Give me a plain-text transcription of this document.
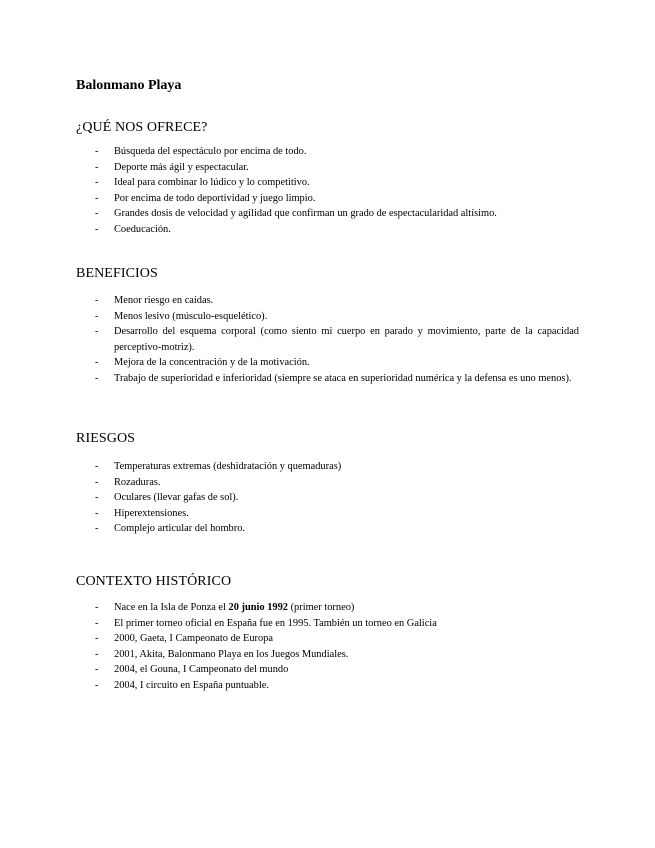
Balonmano Playa
¿QUÉ NOS OFRECE?
- Búsqueda del espectáculo por encima de todo.
- Deporte más ágil y espectacular.
- Ideal para combinar lo lúdico y lo competitivo.
- Por encima de todo deportividad y juego limpio.
- Grandes dosis de velocidad y agilidad que confirman un grado de espectacularidad altísimo.
- Coeducación.
BENEFICIOS
- Menor riesgo en caídas.
- Menos lesivo (músculo-esquelético).
- Desarrollo del esquema corporal (como siento mi cuerpo en parado y movimiento, parte de la capacidad perceptivo-motriz).
- Mejora de la concentración y de la motivación.
- Trabajo de superioridad e inferioridad (siempre se ataca en superioridad numérica y la defensa es uno menos).
RIESGOS
- Temperaturas extremas (deshidratación y quemaduras)
- Rozaduras.
- Oculares (llevar gafas de sol).
- Hiperextensiones.
- Complejo articular del hombro.
CONTEXTO HISTÓRICO
- Nace en la Isla de Ponza el 20 junio 1992 (primer torneo)
- El primer torneo oficial en España fue en 1995. También un torneo en Galicia
- 2000, Gaeta, I Campeonato de Europa
- 2001, Akita, Balonmano Playa en los Juegos Mundiales.
- 2004, el Gouna, I Campeonato del mundo
- 2004, I circuito en España puntuable.
